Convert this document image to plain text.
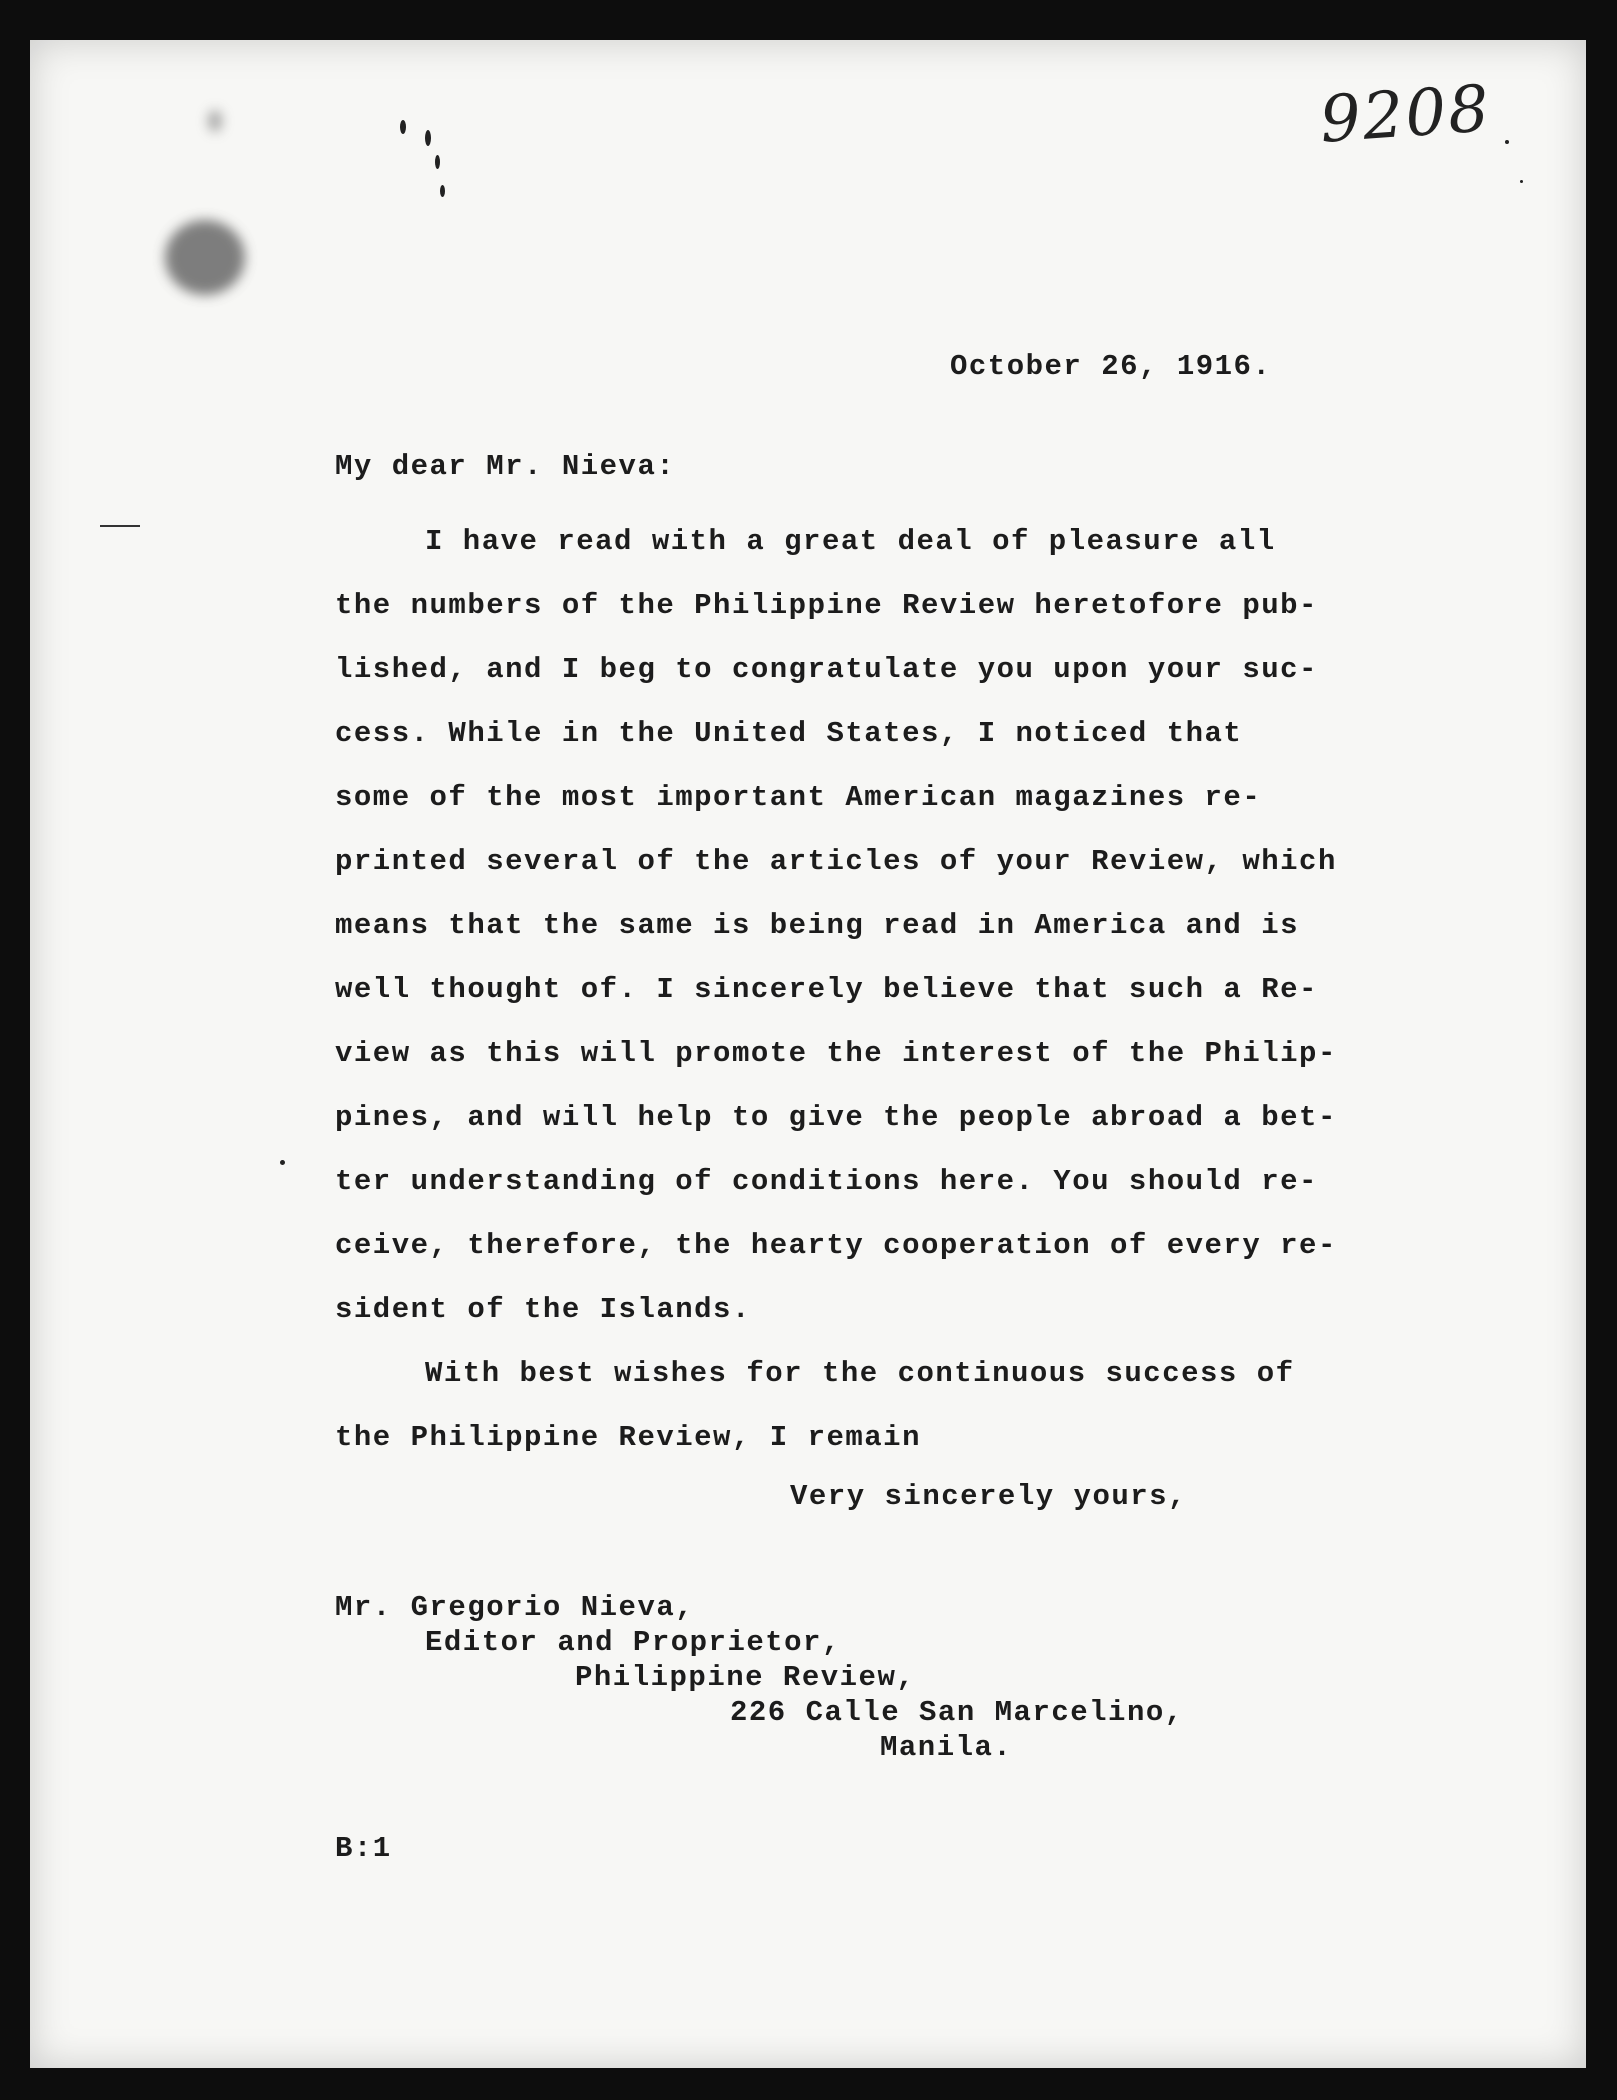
9208
October 26, 1916.
My dear Mr. Nieva:
I have read with a great deal of pleasure all
the numbers of the Philippine Review heretofore pub-
lished, and I beg to congratulate you upon your suc-
cess. While in the United States, I noticed that
some of the most important American magazines re-
printed several of the articles of your Review, which
means that the same is being read in America and is
well thought of. I sincerely believe that such a Re-
view as this will promote the interest of the Philip-
pines, and will help to give the people abroad a bet-
ter understanding of conditions here. You should re-
ceive, therefore, the hearty cooperation of every re-
sident of the Islands.
With best wishes for the continuous success of
the Philippine Review, I remain
Very sincerely yours,
Mr. Gregorio Nieva,
Editor and Proprietor,
Philippine Review,
226 Calle San Marcelino,
Manila.
B:1
